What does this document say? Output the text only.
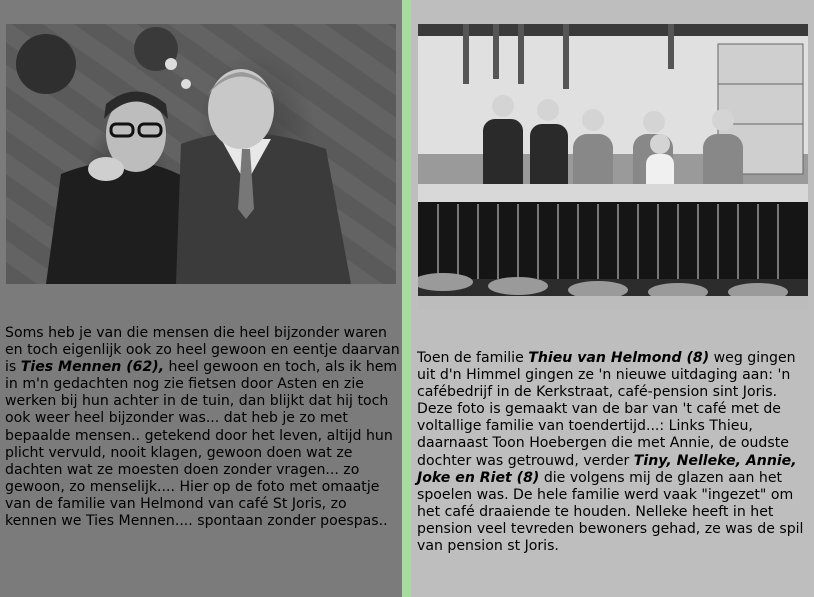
Soms heb je van die mensen die heel bijzonder waren en toch eigenlijk ook zo heel gewoon en eentje daarvan is Ties Mennen (62), heel gewoon en toch, als ik hem in m'n gedachten nog zie fietsen door Asten en zie werken bij hun achter in de tuin, dan blijkt dat hij toch ook weer heel bijzonder was... dat heb je zo met bepaalde mensen.. getekend door het leven, altijd hun plicht vervuld, nooit klagen, gewoon doen wat ze dachten wat ze moesten doen zonder vragen... zo gewoon, zo menselijk.... Hier op de foto met omaatje van de familie van Helmond van café St Joris, zo kennen we Ties Mennen.... spontaan zonder poespas..

Toen de familie Thieu van Helmond (8) weg gingen uit d'n Himmel gingen ze 'n nieuwe uitdaging aan: 'n cafébedrijf in de Kerkstraat, café-pension sint Joris. Deze foto is gemaakt van de bar van 't café met de voltallige familie van toendertijd...: Links Thieu, daarnaast Toon Hoebergen die met Annie, de oudste dochter was getrouwd, verder Tiny, Nelleke, Annie, Joke en Riet (8) die volgens mij de glazen aan het spoelen was. De hele familie werd vaak "ingezet" om het café draaiende te houden. Nelleke heeft in het pension veel tevreden bewoners gehad, ze was de spil van pension st Joris.
